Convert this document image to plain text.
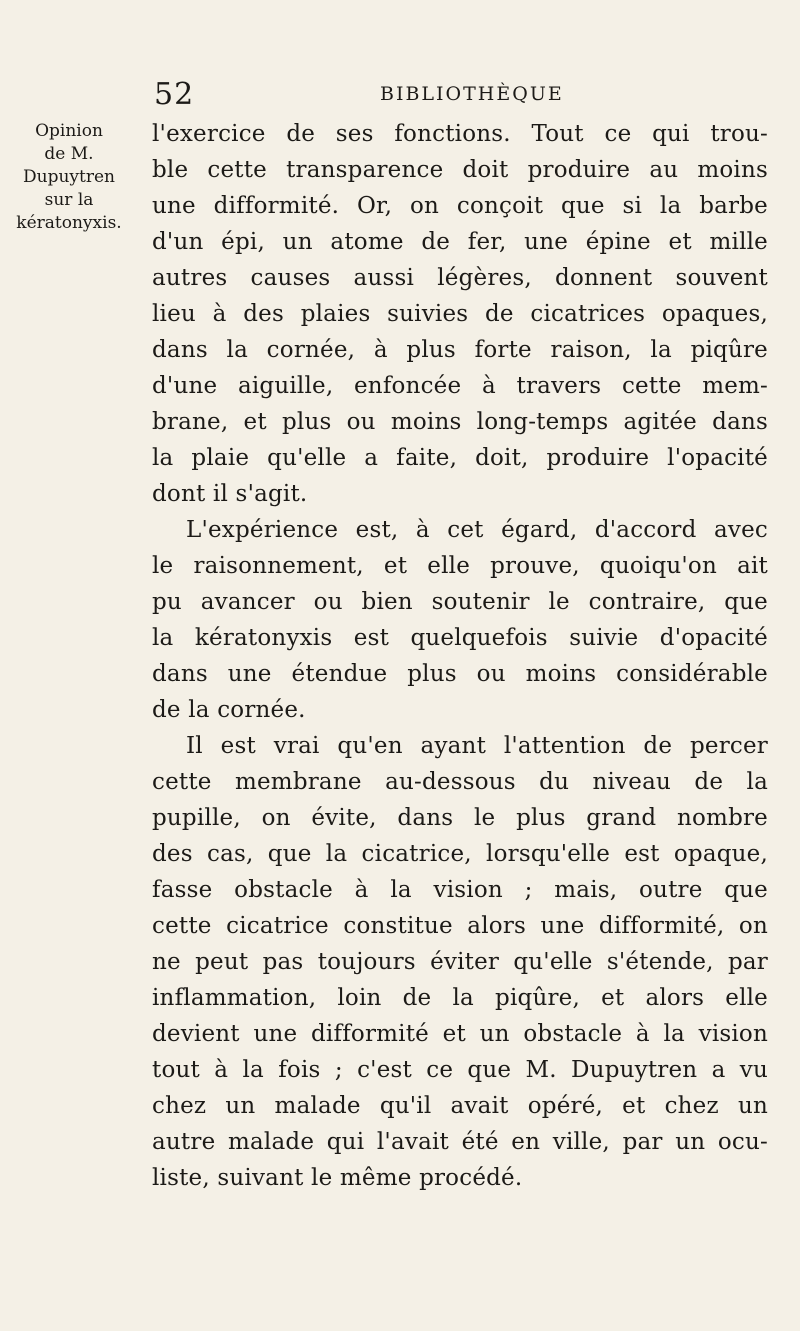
52	BIBLIOTHÈQUE
Opinion
de M.
Dupuytren
sur la
kératonyxis.
l'exercice de ses fonctions. Tout ce qui trou-
ble cette transparence doit produire au moins
une difformité. Or, on conçoit que si la barbe
d'un épi, un atome de fer, une épine et mille
autres causes aussi légères, donnent souvent
lieu à des plaies suivies de cicatrices opaques,
dans la cornée, à plus forte raison, la piqûre
d'une aiguille, enfoncée à travers cette mem-
brane, et plus ou moins long-temps agitée dans
la plaie qu'elle a faite, doit, produire l'opacité
dont il s'agit.
L'expérience est, à cet égard, d'accord avec
le raisonnement, et elle prouve, quoiqu'on ait
pu avancer ou bien soutenir le contraire, que
la kératonyxis est quelquefois suivie d'opacité
dans une étendue plus ou moins considérable
de la cornée.
Il est vrai qu'en ayant l'attention de percer
cette membrane au-dessous du niveau de la
pupille, on évite, dans le plus grand nombre
des cas, que la cicatrice, lorsqu'elle est opaque,
fasse obstacle à la vision ; mais, outre que
cette cicatrice constitue alors une difformité, on
ne peut pas toujours éviter qu'elle s'étende, par
inflammation, loin de la piqûre, et alors elle
devient une difformité et un obstacle à la vision
tout à la fois ; c'est ce que M. Dupuytren a vu
chez un malade qu'il avait opéré, et chez un
autre malade qui l'avait été en ville, par un ocu-
liste, suivant le même procédé.
